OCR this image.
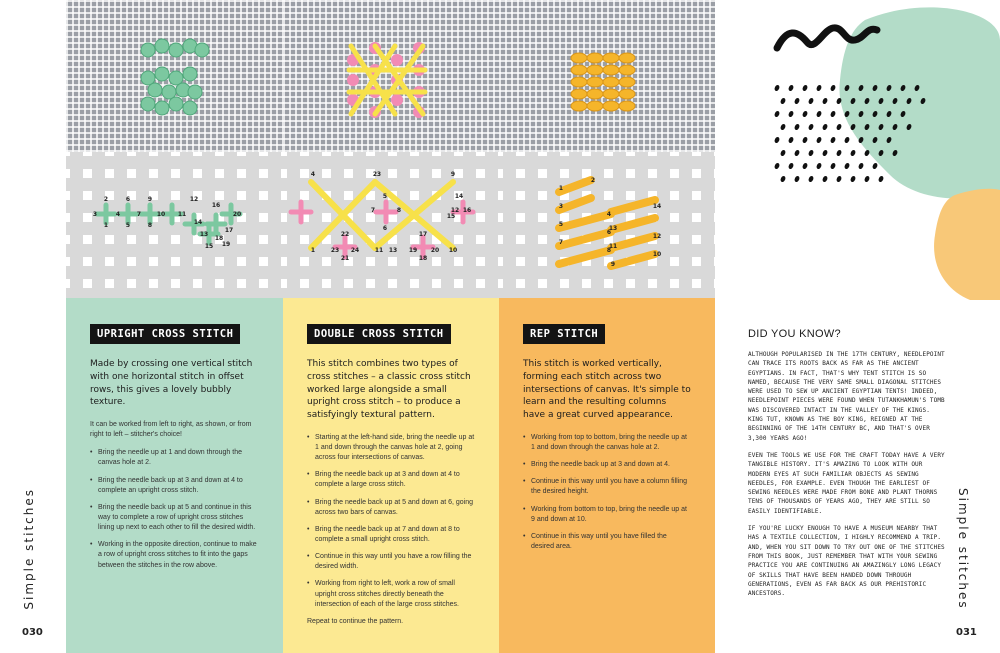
Simple stitches
030
Simple stitches
031
1
2
3	4
5
6
7
8
9
10 11
12
13
14
15
16
17
18
19
20
1
2 3
4
5
6
7	8
9
10
11
12
13
14
15
16
17
18
19 20
21
22
23 24
1
2
3
4
5
6
7
8
9
10
11
12
13
14
UPRIGHT CROSS STITCH

Made by crossing one vertical stitch with one horizontal stitch in offset rows, this gives a lovely bubbly texture.

It can be worked from left to right, as shown, or from right to left – stitcher's choice!

• Bring the needle up at 1 and down through the canvas hole at 2.
• Bring the needle back up at 3 and down at 4 to complete an upright cross stitch.
• Bring the needle back up at 5 and continue in this way to complete a row of upright cross stitches lining up next to each other to fill the desired width.
• Working in the opposite direction, continue to make a row of upright cross stitches to fit into the gaps between the stitches in the row above.
DOUBLE CROSS STITCH

This stitch combines two types of cross stitches – a classic cross stitch worked large alongside a small upright cross stitch – to produce a satisfyingly textural pattern.

• Starting at the left-hand side, bring the needle up at 1 and down through the canvas hole at 2, going across four intersections of canvas.
• Bring the needle back up at 3 and down at 4 to complete a large cross stitch.
• Bring the needle back up at 5 and down at 6, going across two bars of canvas.
• Bring the needle back up at 7 and down at 8 to complete a small upright cross stitch.
• Continue in this way until you have a row filling the desired width.
• Working from right to left, work a row of small upright cross stitches directly beneath the intersection of each of the large cross stitches.

Repeat to continue the pattern.

REP STITCH

This stitch is worked vertically, forming each stitch across two intersections of canvas. It's simple to learn and the resulting columns have a great curved appearance.

• Working from top to bottom, bring the needle up at 1 and down through the canvas hole at 2.
• Bring the needle back up at 3 and down at 4.
• Continue in this way until you have a column filling the desired height.
• Working from bottom to top, bring the needle up at 9 and down at 10.
• Continue in this way until you have filled the desired area.
DID YOU KNOW?

ALTHOUGH POPULARISED IN THE 17TH CENTURY, NEEDLEPOINT CAN TRACE ITS ROOTS BACK AS FAR AS THE ANCIENT EGYPTIANS. IN FACT, THAT'S WHY TENT STITCH IS SO NAMED, BECAUSE THE VERY SAME SMALL DIAGONAL STITCHES WERE USED TO SEW UP ANCIENT EGYPTIAN TENTS! INDEED, NEEDLEPOINT PIECES WERE FOUND WHEN TUTANKHAMUN'S TOMB WAS DISCOVERED INTACT IN THE VALLEY OF THE KINGS. KING TUT, KNOWN AS THE BOY KING, REIGNED AT THE BEGINNING OF THE 14TH CENTURY BC, AND THAT'S OVER 3,300 YEARS AGO!

EVEN THE TOOLS WE USE FOR THE CRAFT TODAY HAVE A VERY TANGIBLE HISTORY. IT'S AMAZING TO LOOK WITH OUR MODERN EYES AT SUCH FAMILIAR OBJECTS AS SEWING NEEDLES, FOR EXAMPLE. EVEN THOUGH THE EARLIEST OF SEWING NEEDLES WERE MADE FROM BONE AND PLANT THORNS TENS OF THOUSANDS OF YEARS AGO, THEY ARE STILL SO EASILY IDENTIFIABLE.

IF YOU'RE LUCKY ENOUGH TO HAVE A MUSEUM NEARBY THAT HAS A TEXTILE COLLECTION, I HIGHLY RECOMMEND A TRIP. AND, WHEN YOU SIT DOWN TO TRY OUT ONE OF THE STITCHES FROM THIS BOOK, JUST REMEMBER THAT WITH YOUR SEWING PRACTICE YOU ARE CONTINUING AN AMAZINGLY LONG LEGACY OF SKILLS THAT HAVE BEEN HANDED DOWN THROUGH GENERATIONS, EVEN AS FAR BACK AS OUR PREHISTORIC ANCESTORS.
